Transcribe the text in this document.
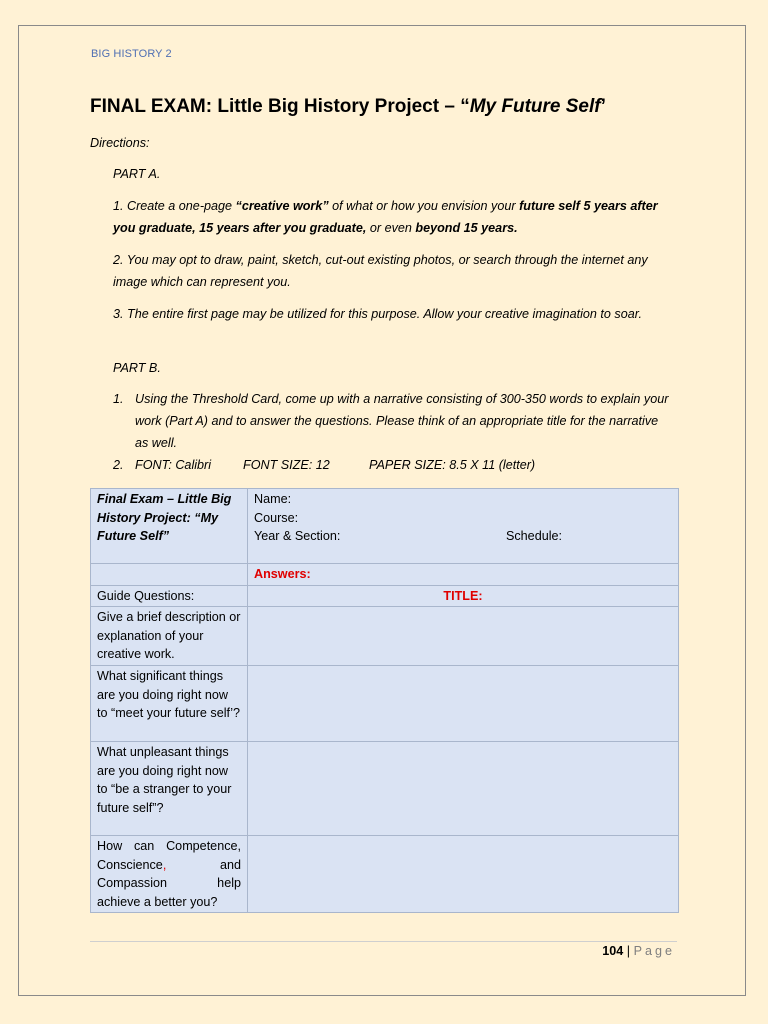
BIG HISTORY 2
FINAL EXAM: Little Big History Project – “My Future Self’
Directions:
PART A.
1. Create a one-page “creative work” of what or how you envision your future self 5 years after you graduate, 15 years after you graduate, or even beyond 15 years.
2. You may opt to draw, paint, sketch, cut-out existing photos, or search through the internet any image which can represent you.
3. The entire first page may be utilized for this purpose. Allow your creative imagination to soar.
PART B.
1. Using the Threshold Card, come up with a narrative consisting of 300-350 words to explain your work (Part A) and to answer the questions. Please think of an appropriate title for the narrative as well.
2. FONT: Calibri	FONT SIZE: 12	PAPER SIZE: 8.5 X 11 (letter)
Final Exam – Little Big History Project: “My Future Self”	Name:
Course:
Year & Section: Schedule:

	Answers:
Guide Questions:	TITLE:
Give a brief description or explanation of your creative work.	
What significant things are you doing right now to “meet your future self’?	
What unpleasant things are you doing right now to “be a stranger to your future self”?	
How can Competence, Conscience, and Compassion help achieve a better you?	
104 | Page
